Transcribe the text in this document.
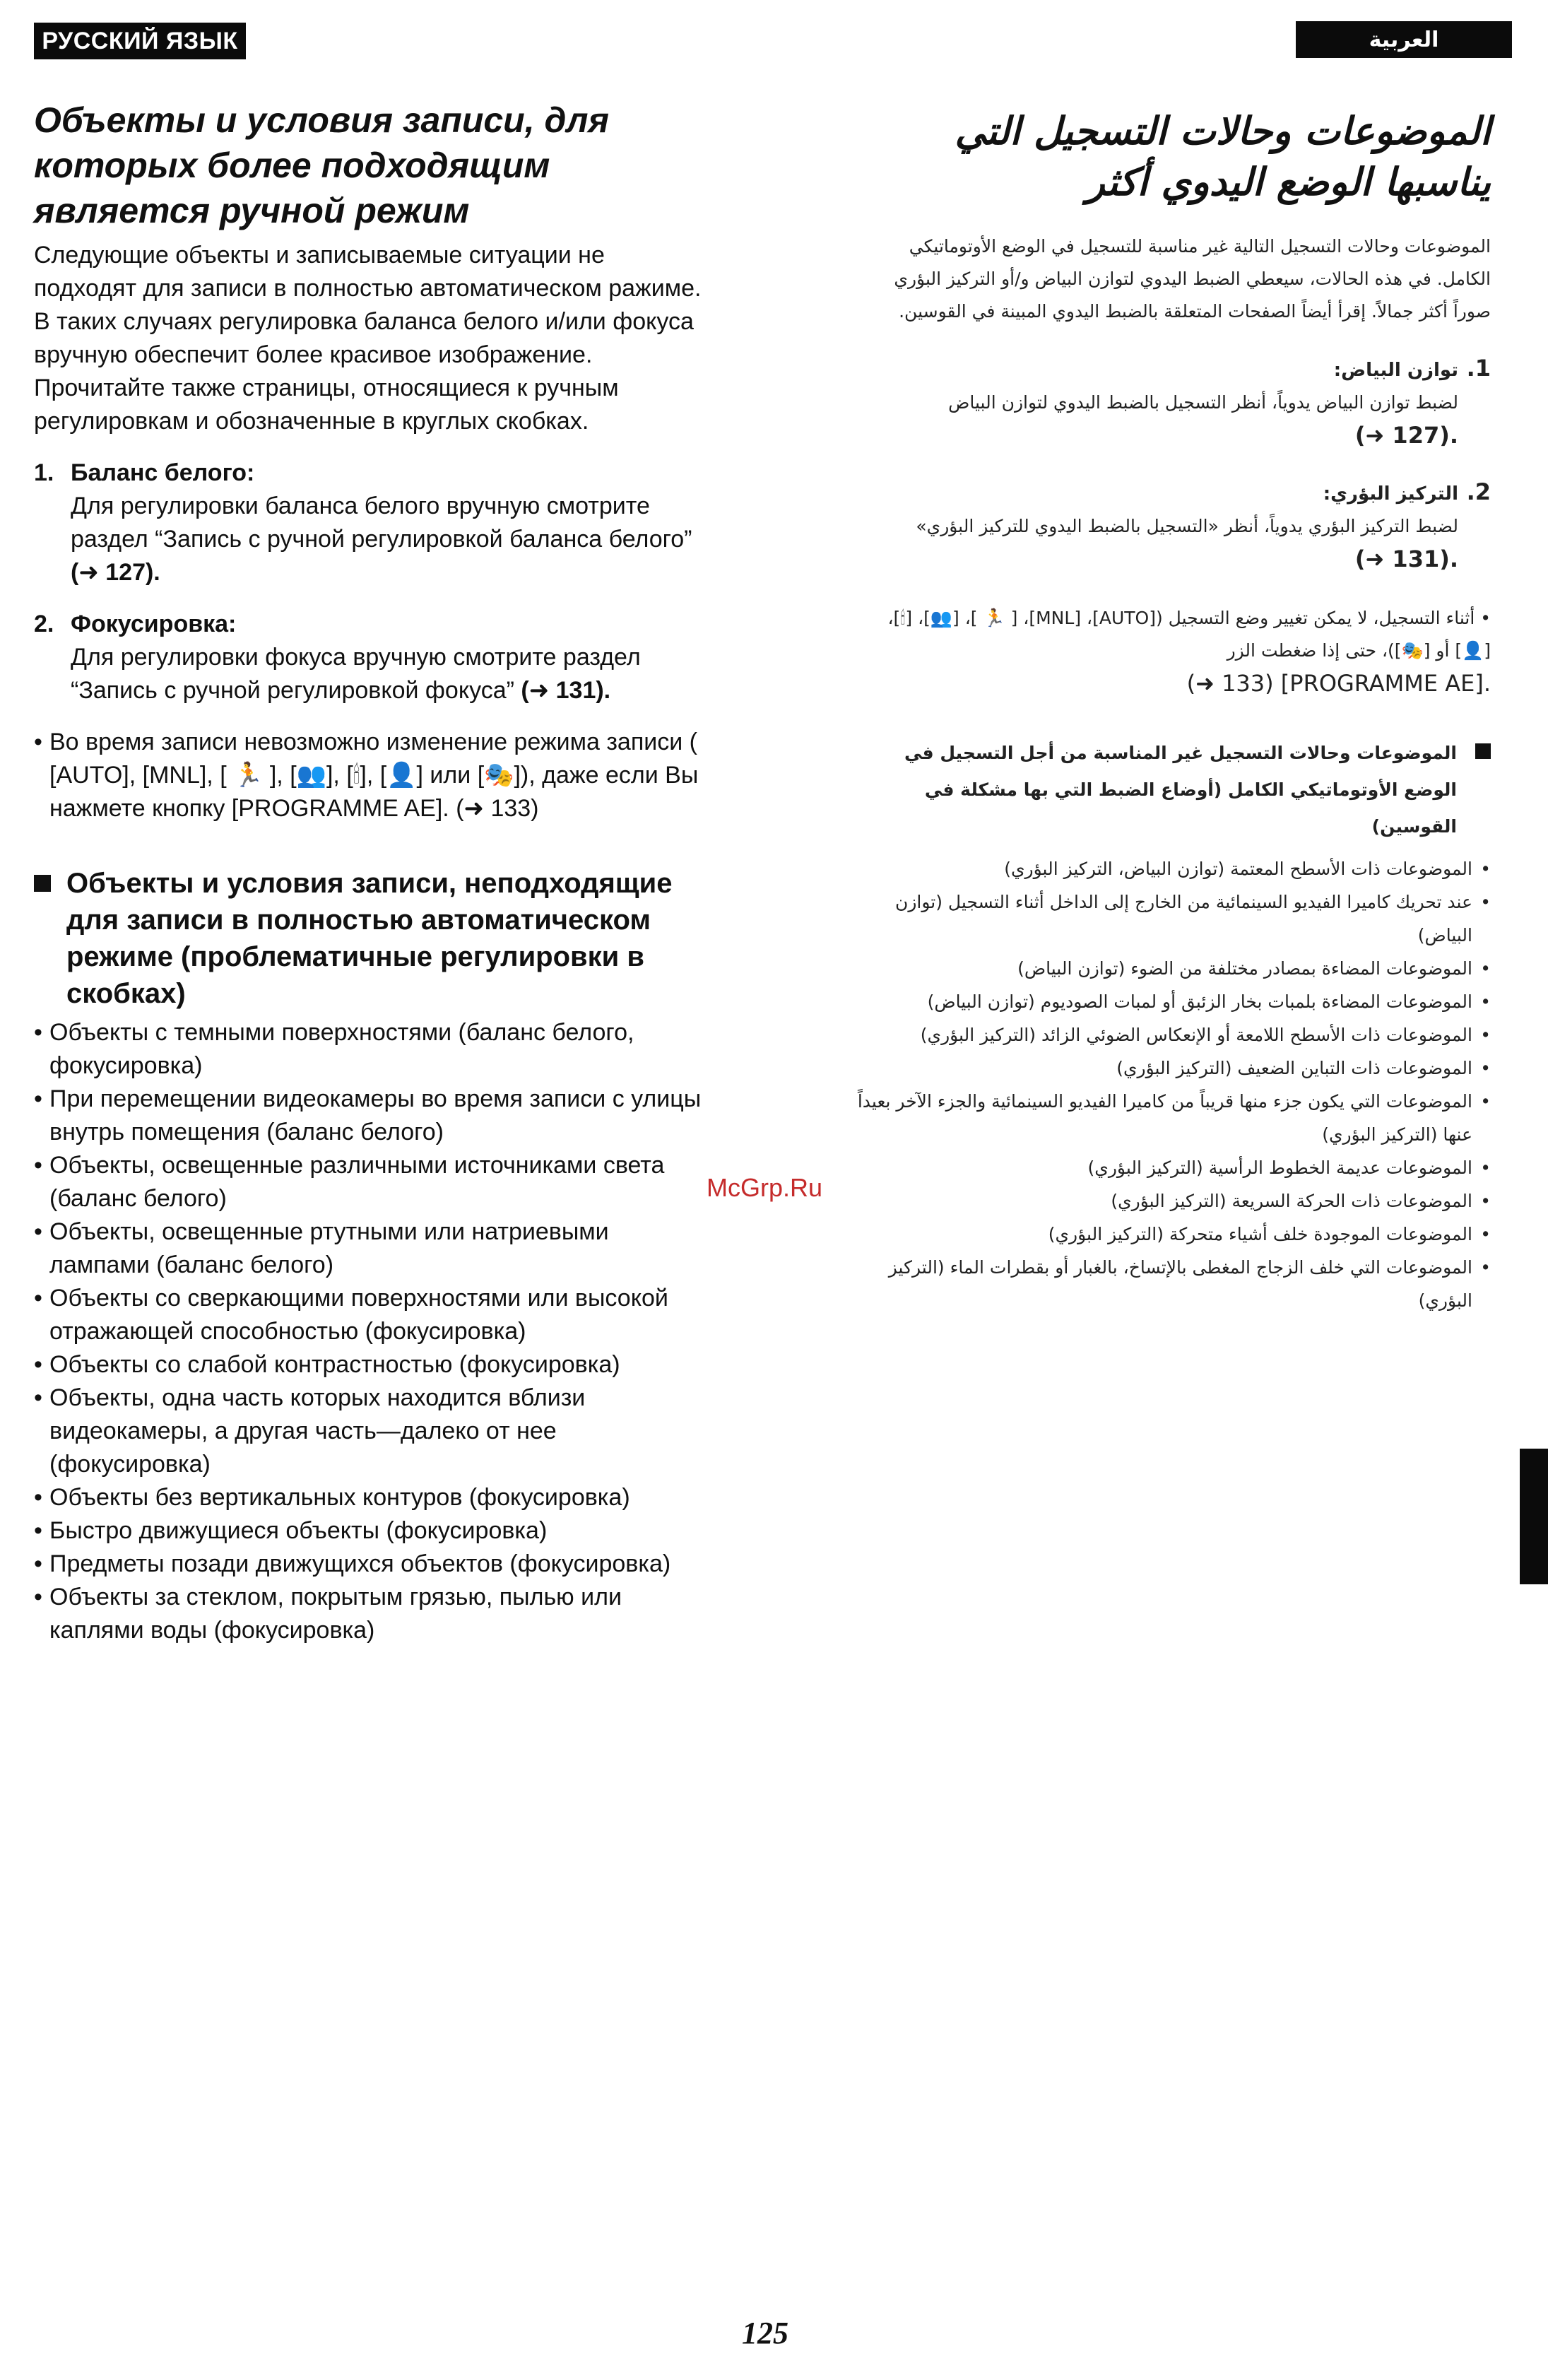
РУССКИЙ ЯЗЫК	العربية
Объекты и условия записи, для которых более подходящим является ручной режим

Следующие объекты и записываемые ситуации не подходят для записи в полностью автоматическом ражиме. В таких случаях регулировка баланса белого и/или фокуса вручную обеспечит более красивое изображение. Прочитайте также страницы, относящиеся к ручным регулировкам и обозначенные в круглых скобках.

1. Баланс белого:
Для регулировки баланса белого вручную смотрите раздел “Запись с ручной регулировкой баланса белого” (➜ 127).
2. Фокусировка:
Для регулировки фокуса вручную смотрите раздел “Запись с ручной регулировкой фокуса” (➜ 131).
• Во время записи невозможно изменение режима записи ( [AUTO], [MNL], [ 🏃 ], [👥], [🕯], [👤] или [🎭]), даже если Вы нажмете кнопку [PROGRAMME AE]. (➜ 133)
Объекты и условия записи, неподходящие для записи в полностью автоматическом режиме (проблематичные регулировки в скобках)
• Объекты с темными поверхностями (баланс белого, фокусировка)
• При перемещении видеокамеры во время записи с улицы внутрь помещения (баланс белого)
• Объекты, освещенные различными источниками света (баланс белого)
• Объекты, освещенные ртутными или натриевыми лампами (баланс белого)
• Объекты со сверкающими поверхностями или высокой отражающей способностью (фокусировка)
• Объекты со слабой контрастностью (фокусировка)
• Объекты, одна часть которых находится вблизи видеокамеры, а другая часть—далеко от нее (фокусировка)
• Объекты без вертикальных контуров (фокусировка)
• Быстро движущиеся объекты (фокусировка)
• Предметы позади движущихся объектов (фокусировка)
• Объекты за стеклом, покрытым грязью, пылью или каплями воды (фокусировка)
الموضوعات وحالات التسجيل التي يناسبها الوضع اليدوي أكثر

الموضوعات وحالات التسجيل التالية غير مناسبة للتسجيل في الوضع الأوتوماتيكي الكامل. في هذه الحالات، سيعطي الضبط اليدوي لتوازن البياض و/أو التركيز البؤري صوراً أكثر جمالاً. إقرأ أيضاً الصفحات المتعلقة بالضبط اليدوي المبينة في القوسين.

1.توازن البياض:
لضبط توازن البياض يدوياً، أنظر التسجيل بالضبط اليدوي لتوازن البياض
(➜ 127).
2.التركيز البؤري:
لضبط التركيز البؤري يدوياً، أنظر «التسجيل بالضبط اليدوي للتركيز البؤري»
(➜ 131).
• أثناء التسجيل، لا يمكن تغيير وضع التسجيل ([AUTO]، [MNL]، [ 🏃 ]، [👥]، [🕯]، [👤] أو [🎭])، حتى إذا ضغطت الزر
(➜ 133) [PROGRAMME AE].
الموضوعات وحالات التسجيل غير المناسبة من أجل التسجيل في الوضع الأوتوماتيكي الكامل (أوضاع الضبط التي بها مشكلة في القوسين)
•
الموضوعات ذات الأسطح المعتمة (توازن البياض، التركيز البؤري)
•
عند تحريك كاميرا الفيديو السينمائية من الخارج إلى الداخل أثناء التسجيل (توازن البياض)
•
الموضوعات المضاءة بمصادر مختلفة من الضوء (توازن البياض)
•
الموضوعات المضاءة بلمبات بخار الزئبق أو لمبات الصوديوم (توازن البياض)
•
الموضوعات ذات الأسطح اللامعة أو الإنعكاس الضوئي الزائد (التركيز البؤري)
•
الموضوعات ذات التباين الضعيف (التركيز البؤري)
•
الموضوعات التي يكون جزء منها قريباً من كاميرا الفيديو السينمائية والجزء الآخر بعيداً عنها (التركيز البؤري)
•
الموضوعات عديمة الخطوط الرأسية (التركيز البؤري)
•
الموضوعات ذات الحركة السريعة (التركيز البؤري)
•
الموضوعات الموجودة خلف أشياء متحركة (التركيز البؤري)
•
الموضوعات التي خلف الزجاج المغطى بالإتساخ، بالغبار أو بقطرات الماء (التركيز البؤري)
McGrp.Ru
125
